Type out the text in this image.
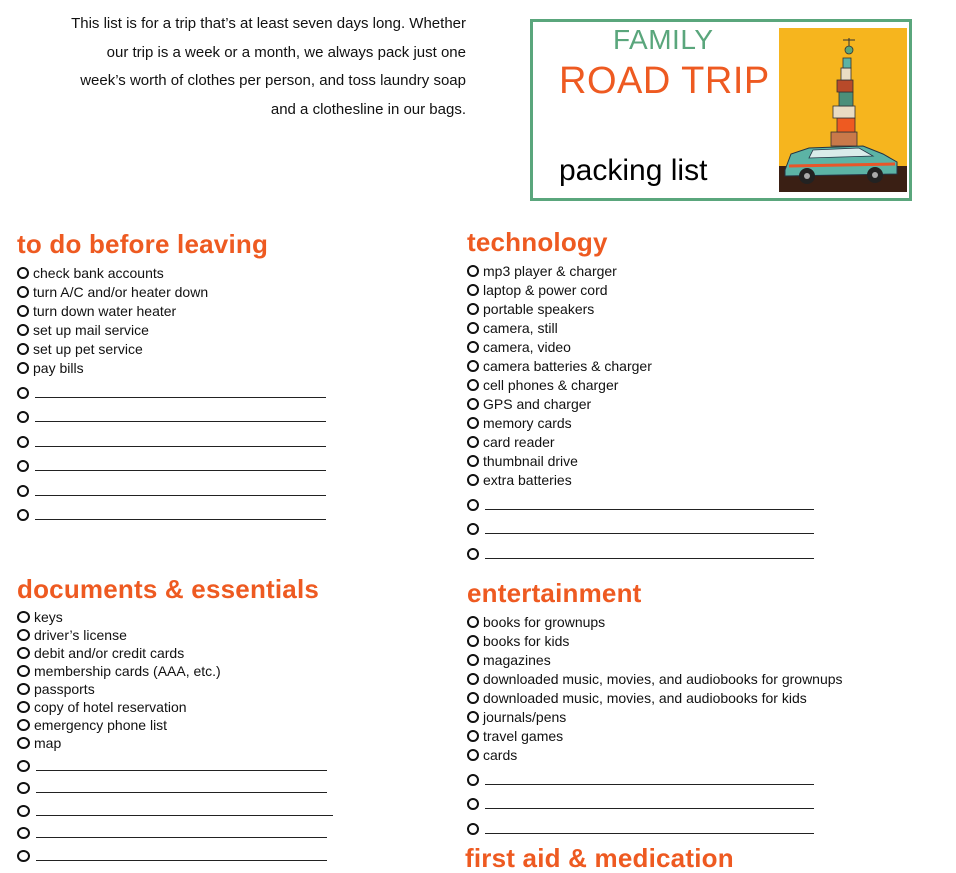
This list is for a trip that’s at least seven days long. Whether
our trip is a week or a month, we always pack just one
week’s worth of clothes per person, and toss laundry soap
and a clothesline in our bags.
FAMILY
ROAD TRIP
packing list
to do before leaving
check bank accounts
turn A/C and/or heater down
turn down water heater
set up mail service
set up pet service
pay bills
documents & essentials
keys
driver’s license
debit and/or credit cards
membership cards (AAA, etc.)
passports
copy of hotel reservation
emergency phone list
map
technology
mp3 player & charger
laptop & power cord
portable speakers
camera, still
camera, video
camera batteries & charger
cell phones & charger
GPS and charger
memory cards
card reader
thumbnail drive
extra batteries
entertainment
books for grownups
books for kids
magazines
downloaded music, movies, and audiobooks for grownups
downloaded music, movies, and audiobooks for kids
journals/pens
travel games
cards
first aid & medication
